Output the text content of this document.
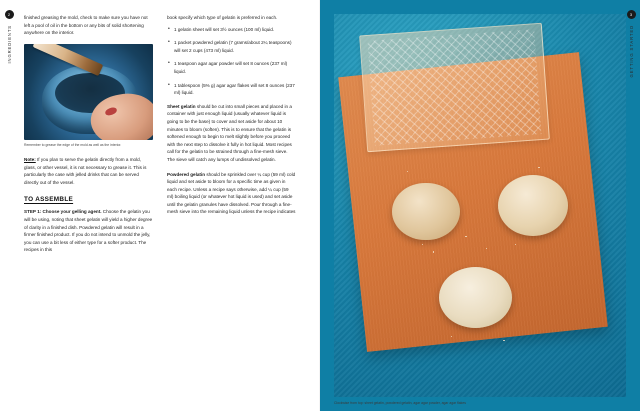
2
INGREDIENTS

finished greasing the mold, check to make sure you have not left a pool of oil in the bottom or any bits of solid shortening anywhere on the interior.

Remember to grease the edge of the mold as well as the interior.

Note: If you plan to serve the gelatin directly from a mold, glass, or other vessel, it is not necessary to grease it. This is particularly the case with jelled drinks that can be served directly out of the vessel.

TO ASSEMBLE

STEP 1: Choose your gelling agent. Choose the gelatin you will be using, noting that sheet gelatin will yield a higher degree of clarity in a finished dish. Powdered gelatin will result in a firmer finished product. If you do not intend to unmold the jelly, you can use a bit less of either type for a softer product. The recipes in this

book specify which type of gelatin is preferred in each.

• 1 gelatin sheet will set 3½ ounces (100 ml) liquid.
• 1 packet powdered gelatin (7 grams/about 2¼ teaspoons) will set 2 cups (473 ml) liquid.
• 1 teaspoon agar agar powder will set 8 ounces (237 ml) liquid.
• 1 tablespoon (5% g) agar agar flakes will set 8 ounces (237 ml) liquid.

Sheet gelatin should be cut into small pieces and placed in a container with just enough liquid (usually whatever liquid is going to be the base) to cover and set aside for about 10 minutes to bloom (soften). This is to ensure that the gelatin is softened enough to begin to melt slightly before you proceed with the next step to dissolve it fully in hot liquid. Most recipes call for the gelatin to be strained through a fine-mesh sieve. The sieve will catch any lumps of undissolved gelatin.

Powdered gelatin should be sprinkled over ¼ cup (59 ml) cold liquid and set aside to bloom for a specific time as given in each recipe. Unless a recipe says otherwise, add ¼ cup (59 ml) boiling liquid (or whatever hot liquid is used) and set aside until the gelatin granules have dissolved. Pour through a fine-mesh sieve into the remaining liquid unless the recipe indicates

Clockwise from top: sheet gelatin, powdered gelatin, agar agar powder, agar agar flakes
3
GETTING STARTED
